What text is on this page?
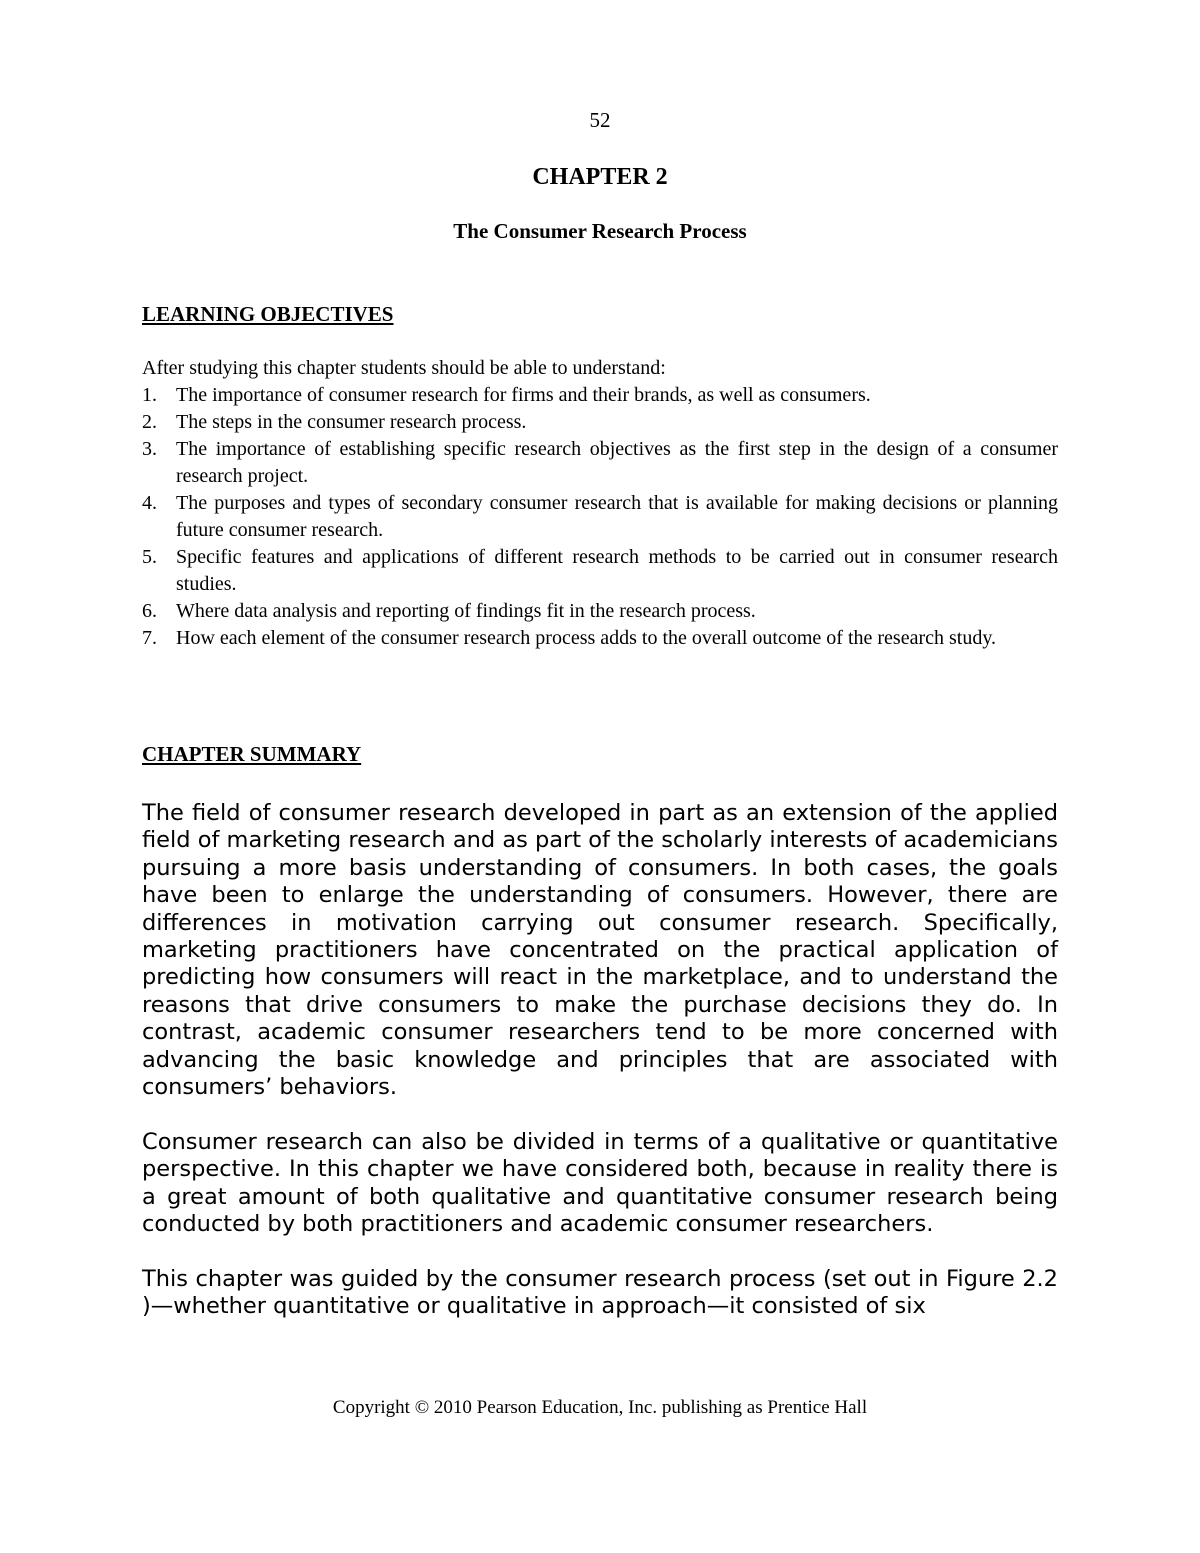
52
CHAPTER 2
The Consumer Research Process
LEARNING OBJECTIVES

After studying this chapter students should be able to understand:

1. The importance of consumer research for firms and their brands, as well as consumers.
2. The steps in the consumer research process.
3. The importance of establishing specific research objectives as the first step in the design of a consumer research project.
4. The purposes and types of secondary consumer research that is available for making decisions or planning future consumer research.
5. Specific features and applications of different research methods to be carried out in consumer research studies.
6. Where data analysis and reporting of findings fit in the research process.
7. How each element of the consumer research process adds to the overall outcome of the research study.
CHAPTER SUMMARY

The field of consumer research developed in part as an extension of the applied field of marketing research and as part of the scholarly interests of academicians pursuing a more basis understanding of consumers. In both cases, the goals have been to enlarge the understanding of consumers. However, there are differences in motivation carrying out consumer research. Specifically, marketing practitioners have concentrated on the practical application of predicting how consumers will react in the marketplace, and to understand the reasons that drive consumers to make the purchase decisions they do. In contrast, academic consumer researchers tend to be more concerned with advancing the basic knowledge and principles that are associated with consumers’ behaviors.

Consumer research can also be divided in terms of a qualitative or quantitative perspective. In this chapter we have considered both, because in reality there is a great amount of both qualitative and quantitative consumer research being conducted by both practitioners and academic consumer researchers.

This chapter was guided by the consumer research process (set out in Figure 2.2 )—whether quantitative or qualitative in approach—it consisted of six

Copyright © 2010 Pearson Education, Inc. publishing as Prentice Hall
